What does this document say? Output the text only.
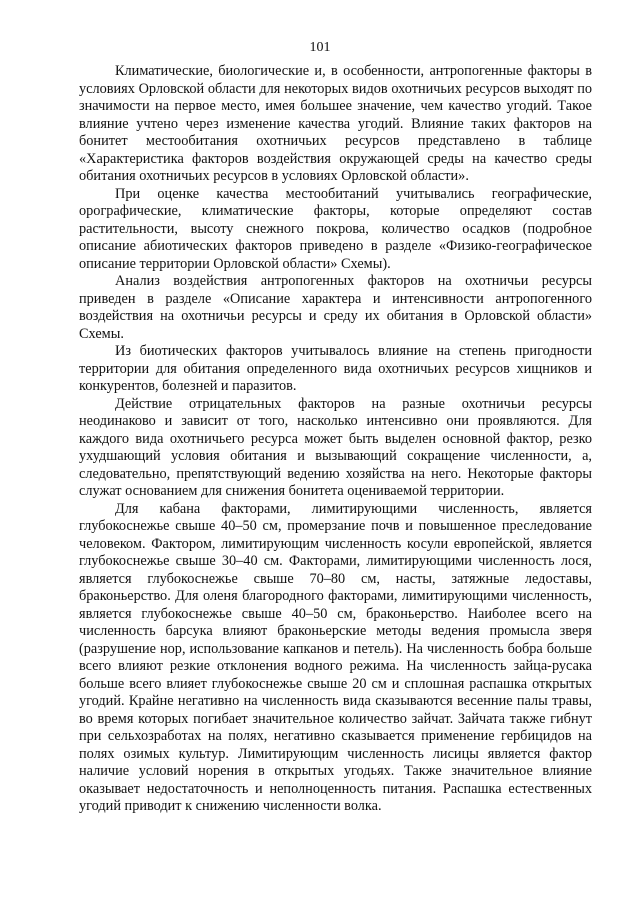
101

Климатические, биологические и, в особенности, антропогенные факторы в условиях Орловской области для некоторых видов охотничьих ресурсов выходят по значимости на первое место, имея большее значение, чем качество угодий. Такое влияние учтено через изменение качества угодий. Влияние таких факторов на бонитет местообитания охотничьих ресурсов представлено в таблице «Характеристика факторов воздействия окружающей среды на качество среды обитания охотничьих ресурсов в условиях Орловской области».

При оценке качества местообитаний учитывались географические, орографические, климатические факторы, которые определяют состав растительности, высоту снежного покрова, количество осадков (подробное описание абиотических факторов приведено в разделе «Физико-географическое описание территории Орловской области» Схемы).

Анализ воздействия антропогенных факторов на охотничьи ресурсы приведен в разделе «Описание характера и интенсивности антропогенного воздействия на охотничьи ресурсы и среду их обитания в Орловской области» Схемы.

Из биотических факторов учитывалось влияние на степень пригодности территории для обитания определенного вида охотничьих ресурсов хищников и конкурентов, болезней и паразитов.

Действие отрицательных факторов на разные охотничьи ресурсы неодинаково и зависит от того, насколько интенсивно они проявляются. Для каждого вида охотничьего ресурса может быть выделен основной фактор, резко ухудшающий условия обитания и вызывающий сокращение численности, а, следовательно, препятствующий ведению хозяйства на него. Некоторые факторы служат основанием для снижения бонитета оцениваемой территории.

Для кабана факторами, лимитирующими численность, является глубокоснежье свыше 40–50 см, промерзание почв и повышенное преследование человеком. Фактором, лимитирующим численность косули европейской, является глубокоснежье свыше 30–40 см. Факторами, лимитирующими численность лося, является глубокоснежье свыше 70–80 см, насты, затяжные ледоставы, браконьерство. Для оленя благородного факторами, лимитирующими численность, является глубокоснежье свыше 40–50 см, браконьерство. Наиболее всего на численность барсука влияют браконьерские методы ведения промысла зверя (разрушение нор, использование капканов и петель). На численность бобра больше всего влияют резкие отклонения водного режима. На численность зайца-русака больше всего влияет глубокоснежье свыше 20 см и сплошная распашка открытых угодий. Крайне негативно на численность вида сказываются весенние палы травы, во время которых погибает значительное количество зайчат. Зайчата также гибнут при сельхозработах на полях, негативно сказывается применение гербицидов на полях озимых культур. Лимитирующим численность лисицы является фактор наличие условий норения в открытых угодьях. Также значительное влияние оказывает недостаточность и неполноценность питания. Распашка естественных угодий приводит к снижению численности волка.
